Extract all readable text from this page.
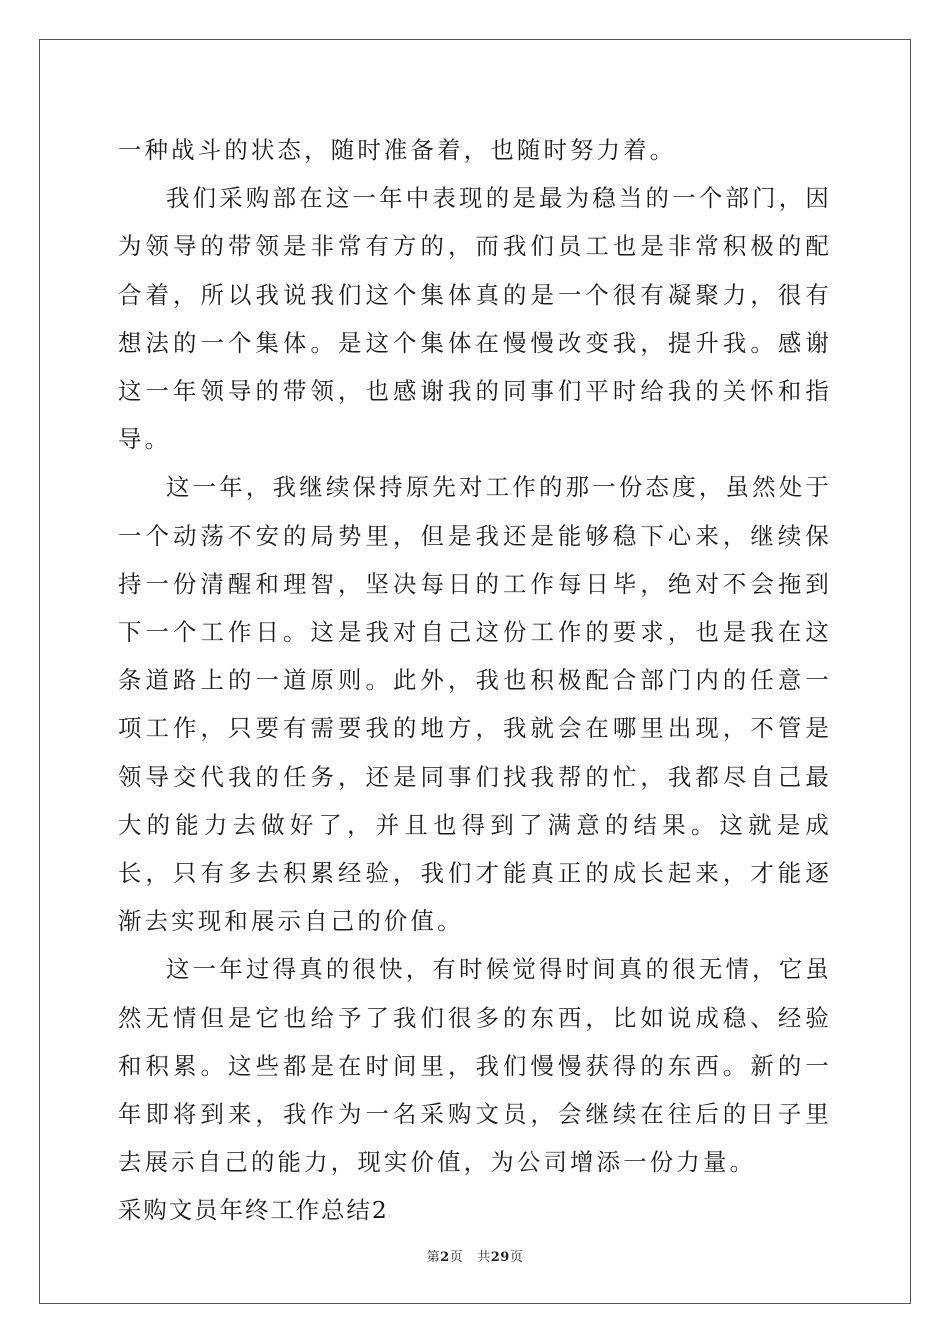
一种战斗的状态，随时准备着，也随时努力着。

我们采购部在这一年中表现的是最为稳当的一个部门，因为领导的带领是非常有方的，而我们员工也是非常积极的配合着，所以我说我们这个集体真的是一个很有凝聚力，很有想法的一个集体。是这个集体在慢慢改变我，提升我。感谢这一年领导的带领，也感谢我的同事们平时给我的关怀和指导。

这一年，我继续保持原先对工作的那一份态度，虽然处于一个动荡不安的局势里，但是我还是能够稳下心来，继续保持一份清醒和理智，坚决每日的工作每日毕，绝对不会拖到下一个工作日。这是我对自己这份工作的要求，也是我在这条道路上的一道原则。此外，我也积极配合部门内的任意一项工作，只要有需要我的地方，我就会在哪里出现，不管是领导交代我的任务，还是同事们找我帮的忙，我都尽自己最大的能力去做好了，并且也得到了满意的结果。这就是成长，只有多去积累经验，我们才能真正的成长起来，才能逐渐去实现和展示自己的价值。

这一年过得真的很快，有时候觉得时间真的很无情，它虽然无情但是它也给予了我们很多的东西，比如说成稳、经验和积累。这些都是在时间里，我们慢慢获得的东西。新的一年即将到来，我作为一名采购文员，会继续在往后的日子里去展示自己的能力，现实价值，为公司增添一份力量。

采购文员年终工作总结2

第2页 共29页
